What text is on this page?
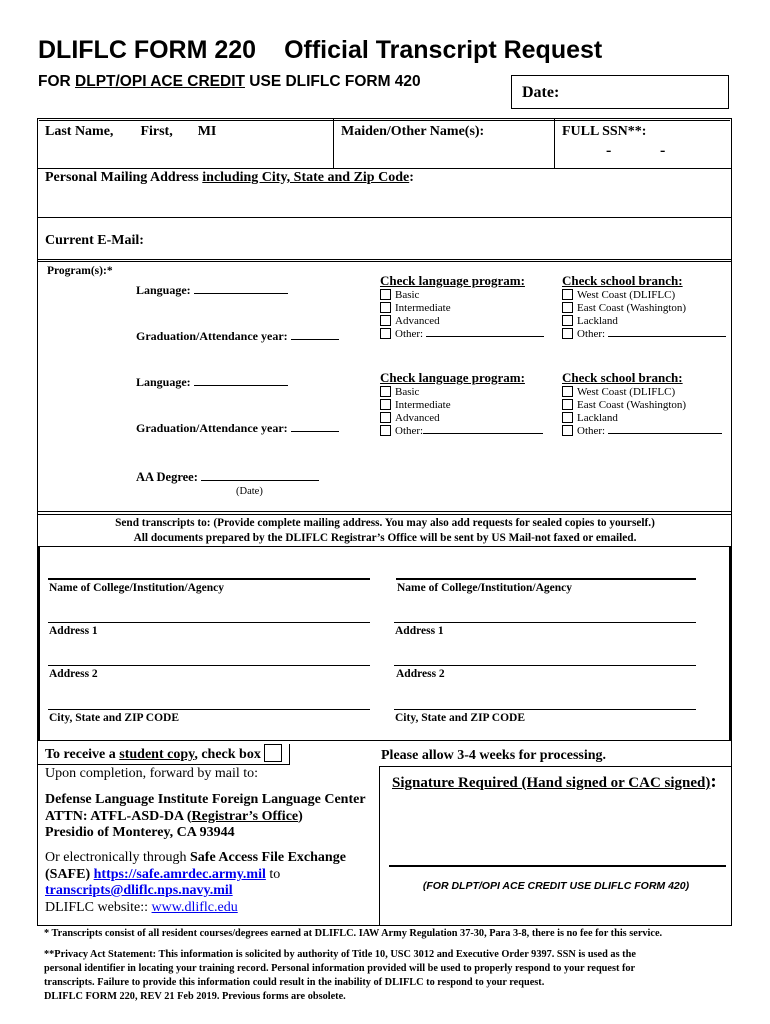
DLIFLC FORM 220 Official Transcript Request
FOR DLPT/OPI ACE CREDIT USE DLIFLC FORM 420
Date:
Last Name, First, MI	Maiden/Other Name(s):	FULL SSN**:
-	-
Personal Mailing Address including City, State and Zip Code:
Current E-Mail:
Program(s):*
Language:
Graduation/Attendance year:
Check language program:	Check school branch:
Basic
Intermediate
Advanced
Other:
West Coast (DLIFLC)
East Coast (Washington)
Lackland
Other:
Language:
Graduation/Attendance year:
Check language program:	Check school branch:
Basic
Intermediate
Advanced
Other:
West Coast (DLIFLC)
East Coast (Washington)
Lackland
Other:
AA Degree:
(Date)
Send transcripts to: (Provide complete mailing address. You may also add requests for sealed copies to yourself.)
All documents prepared by the DLIFLC Registrar’s Office will be sent by US Mail-not faxed or emailed.
Name of College/Institution/Agency
Address 1
Address 2
City, State and ZIP CODE
Name of College/Institution/Agency
Address 1
Address 2
City, State and ZIP CODE
To receive a student copy, check box
Upon completion, forward by mail to:
Defense Language Institute Foreign Language Center
ATTN: ATFL-ASD-DA (Registrar’s Office)
Presidio of Monterey, CA 93944
Or electronically through Safe Access File Exchange
(SAFE) https://safe.amrdec.army.mil to
transcripts@dliflc.nps.navy.mil
DLIFLC website:: www.dliflc.edu
Please allow 3-4 weeks for processing.
Signature Required (Hand signed or CAC signed):
(FOR DLPT/OPI ACE CREDIT USE DLIFLC FORM 420)
* Transcripts consist of all resident courses/degrees earned at DLIFLC. IAW Army Regulation 37-30, Para 3-8, there is no fee for this service.
**Privacy Act Statement: This information is solicited by authority of Title 10, USC 3012 and Executive Order 9397. SSN is used as the
personal identifier in locating your training record. Personal information provided will be used to properly respond to your request for
transcripts. Failure to provide this information could result in the inability of DLIFLC to respond to your request.
DLIFLC FORM 220, REV 21 Feb 2019. Previous forms are obsolete.
